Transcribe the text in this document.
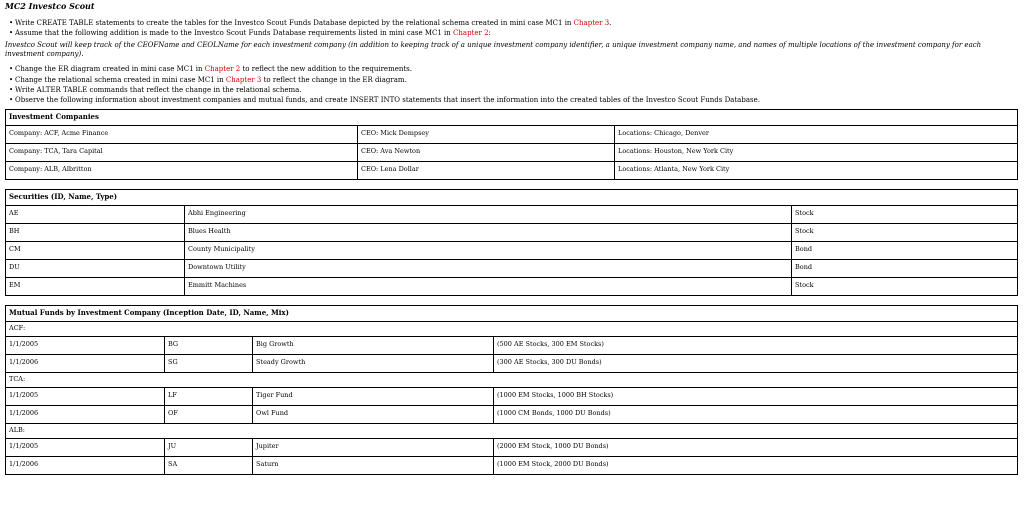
MC2 Investco Scout
• Write CREATE TABLE statements to create the tables for the Investco Scout Funds Database depicted by the relational schema created in mini case MC1 in Chapter 3.
• Assume that the following addition is made to the Investco Scout Funds Database requirements listed in mini case MC1 in Chapter 2:
Investco Scout will keep track of the CEOFName and CEOLName for each investment company (in addition to keeping track of a unique investment company identifier, a unique investment company name, and names of multiple locations of the investment company for each investment company).
• Change the ER diagram created in mini case MC1 in Chapter 2 to reflect the new addition to the requirements.
• Change the relational schema created in mini case MC1 in Chapter 3 to reflect the change in the ER diagram.
• Write ALTER TABLE commands that reflect the change in the relational schema.
• Observe the following information about investment companies and mutual funds, and create INSERT INTO statements that insert the information into the created tables of the Investco Scout Funds Database.
Investment Companies		
Company: ACF, Acme Finance	CEO: Mick Dempsey	Locations: Chicago, Denver
Company: TCA, Tara Capital	CEO: Ava Newton	Locations: Houston, New York City
Company: ALB, Albritton	CEO: Lena Dollar	Locations: Atlanta, New York City
Securities (ID, Name, Type)		
AE	Abhi Engineering	Stock
BH	Blues Health	Stock
CM	County Municipality	Bond
DU	Downtown Utility	Bond
EM	Emmitt Machines	Stock
Mutual Funds by Investment Company (Inception Date, ID, Name, Mix)			
ACF:			
1/1/2005	BG	Big Growth	(500 AE Stocks, 300 EM Stocks)
1/1/2006	SG	Steady Growth	(300 AE Stocks, 300 DU Bonds)
TCA:			
1/1/2005	LF	Tiger Fund	(1000 EM Stocks, 1000 BH Stocks)
1/1/2006	OF	Owl Fund	(1000 CM Bonds, 1000 DU Bonds)
ALB:			
1/1/2005	JU	Jupiter	(2000 EM Stock, 1000 DU Bonds)
1/1/2006	SA	Saturn	(1000 EM Stock, 2000 DU Bonds)
